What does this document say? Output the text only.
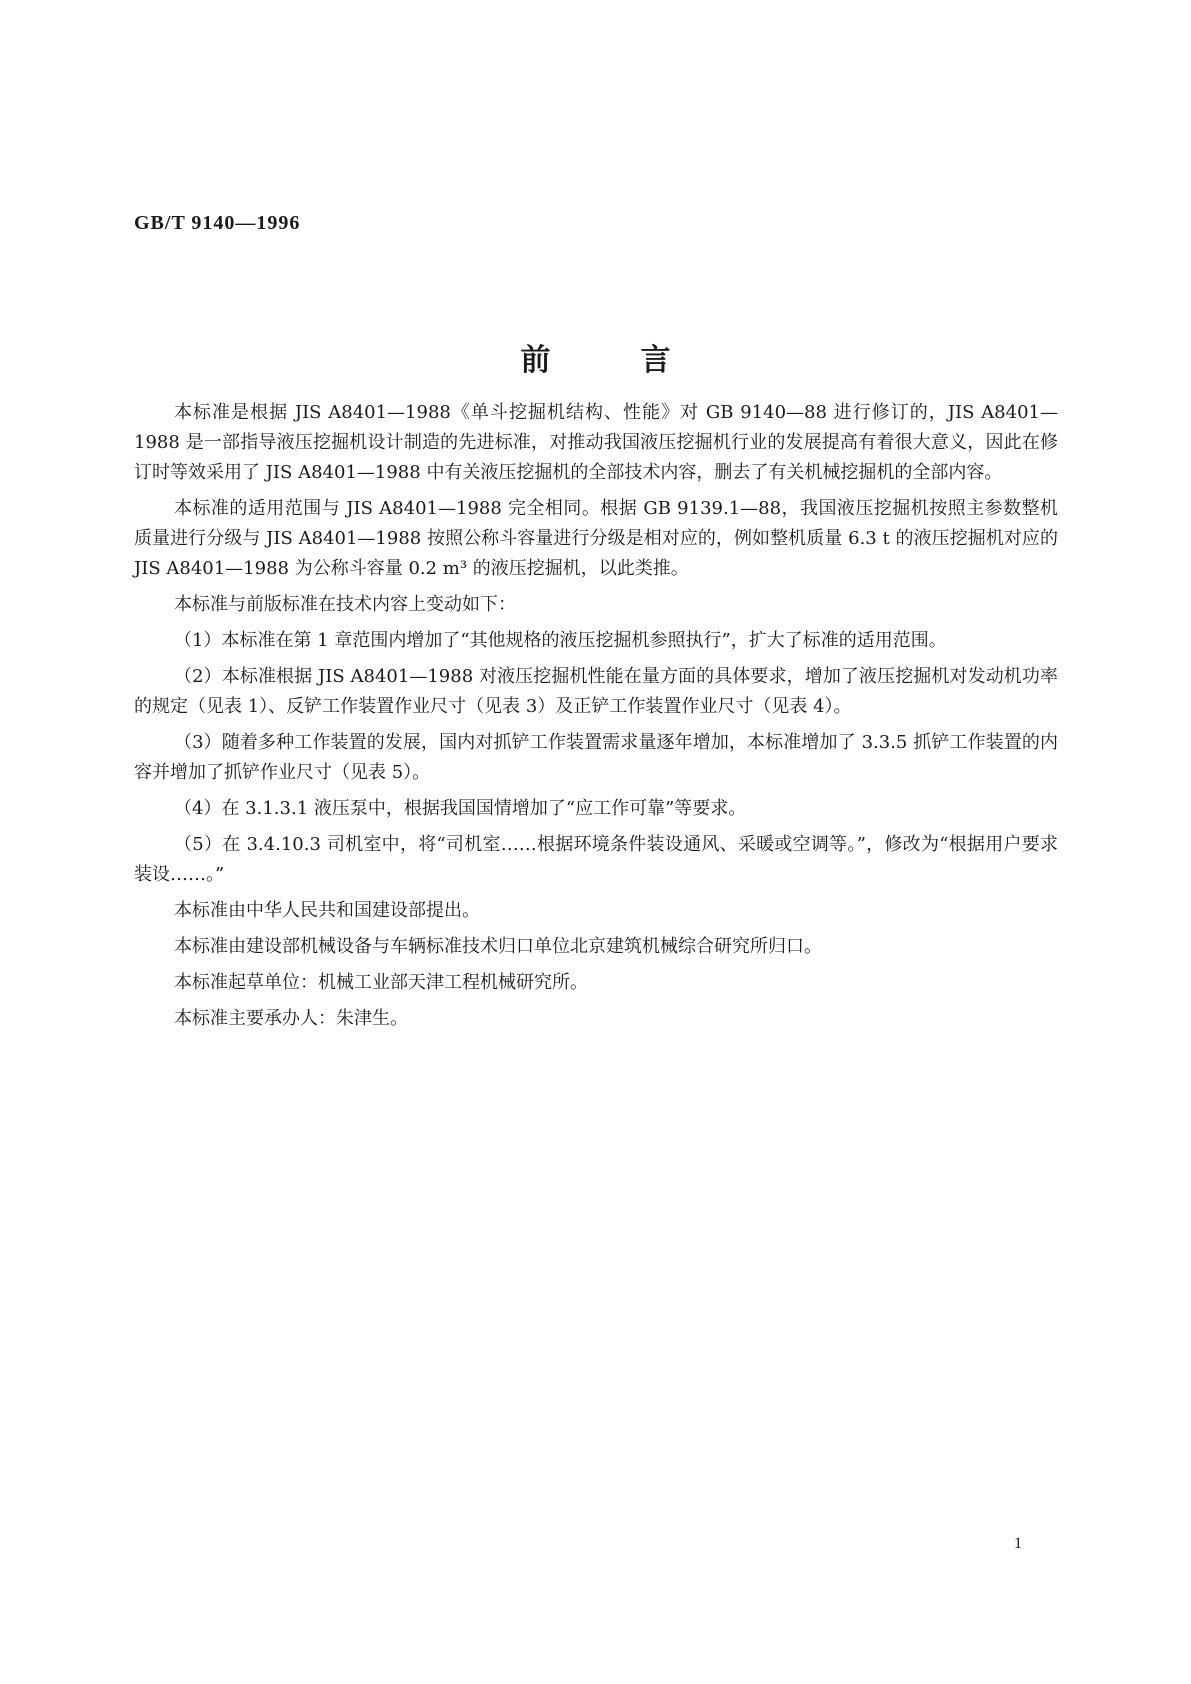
GB/T 9140—1996
前言

本标准是根据 JIS A8401—1988《单斗挖掘机结构、性能》对 GB 9140—88 进行修订的，JIS A8401—1988 是一部指导液压挖掘机设计制造的先进标准，对推动我国液压挖掘机行业的发展提高有着很大意义，因此在修订时等效采用了 JIS A8401—1988 中有关液压挖掘机的全部技术内容，删去了有关机械挖掘机的全部内容。

本标准的适用范围与 JIS A8401—1988 完全相同。根据 GB 9139.1—88，我国液压挖掘机按照主参数整机质量进行分级与 JIS A8401—1988 按照公称斗容量进行分级是相对应的，例如整机质量 6.3 t 的液压挖掘机对应的 JIS A8401—1988 为公称斗容量 0.2 m³ 的液压挖掘机，以此类推。

本标准与前版标准在技术内容上变动如下：

（1）本标准在第 1 章范围内增加了“其他规格的液压挖掘机参照执行”，扩大了标准的适用范围。

（2）本标准根据 JIS A8401—1988 对液压挖掘机性能在量方面的具体要求，增加了液压挖掘机对发动机功率的规定（见表 1）、反铲工作装置作业尺寸（见表 3）及正铲工作装置作业尺寸（见表 4）。

（3）随着多种工作装置的发展，国内对抓铲工作装置需求量逐年增加，本标准增加了 3.3.5 抓铲工作装置的内容并增加了抓铲作业尺寸（见表 5）。

（4）在 3.1.3.1 液压泵中，根据我国国情增加了“应工作可靠”等要求。

（5）在 3.4.10.3 司机室中，将“司机室……根据环境条件装设通风、采暖或空调等。”，修改为“根据用户要求装设……。”

本标准由中华人民共和国建设部提出。

本标准由建设部机械设备与车辆标准技术归口单位北京建筑机械综合研究所归口。

本标准起草单位：机械工业部天津工程机械研究所。

本标准主要承办人：朱津生。

1
